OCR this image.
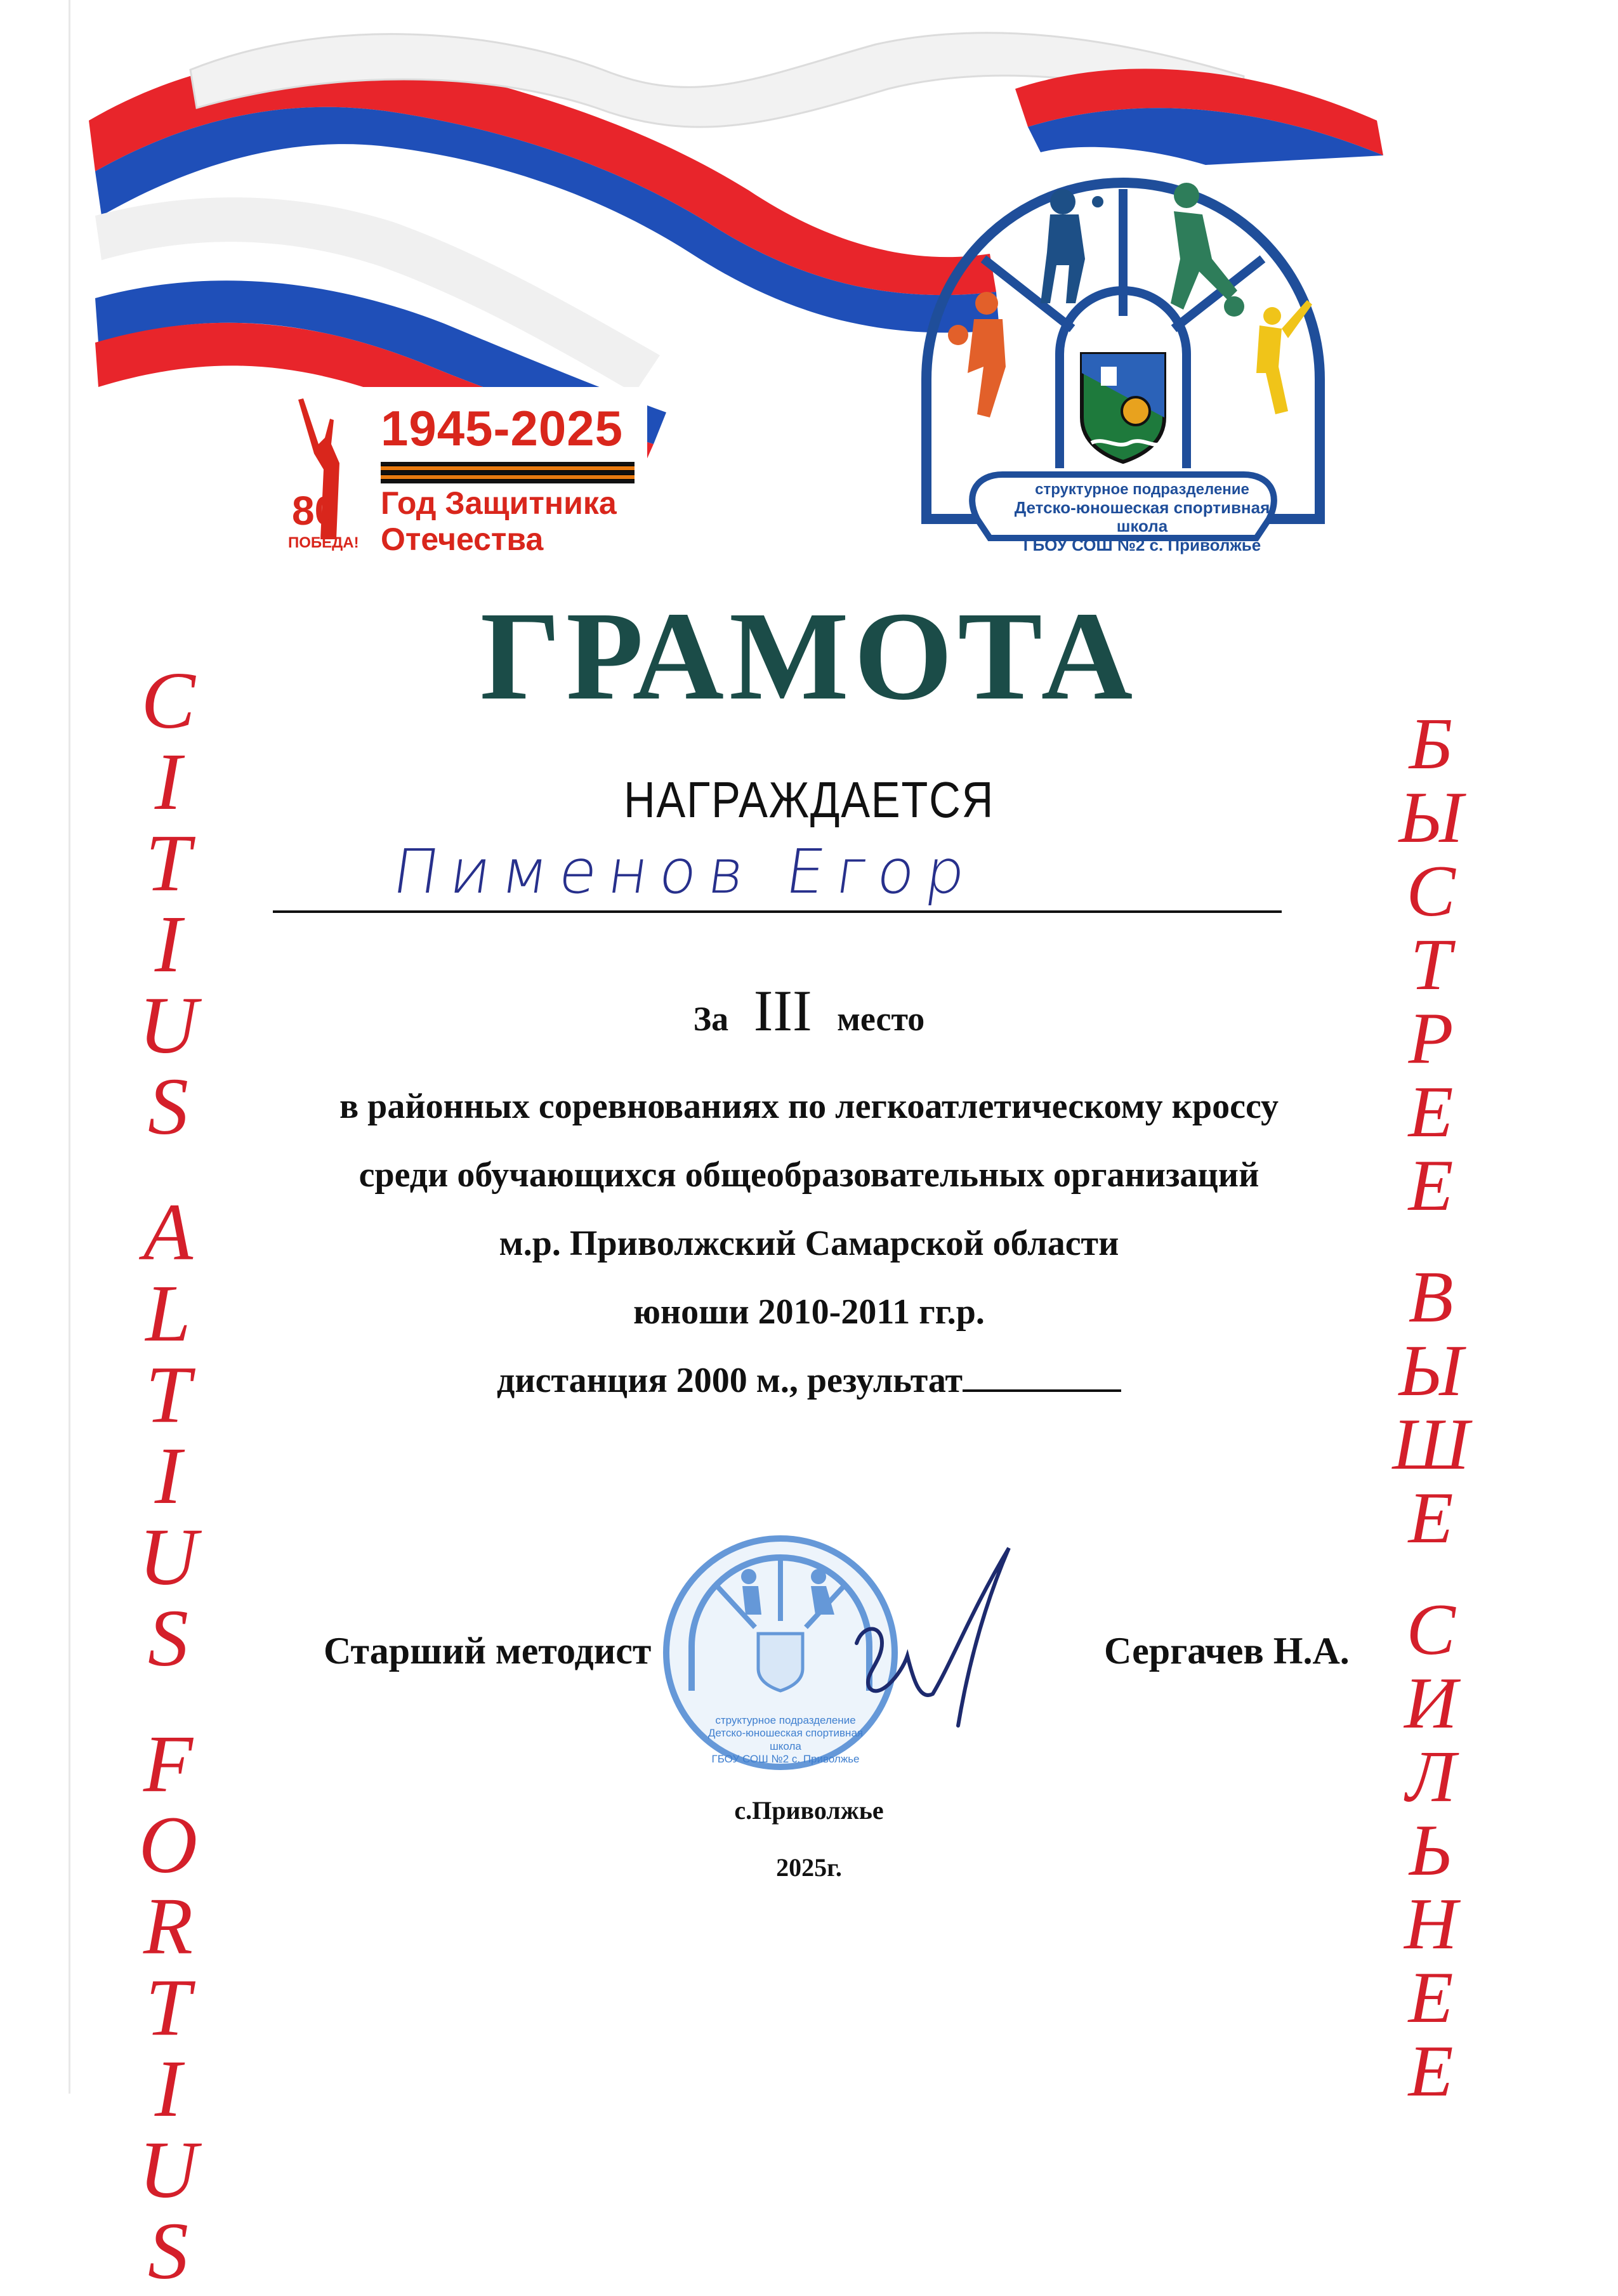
1945-2025
80
ПОБЕДА!
Год Защитника
Отечества
структурное подразделение
Детско-юношеская спортивная школа
ГБОУ СОШ №2 с. Приволжье
ГРАМОТА
НАГРАЖДАЕТСЯ
Пименов Егор
За III место
в районных соревнованиях по легкоатлетическому кроссу
среди обучающихся общеобразовательных организаций
м.р. Приволжский Самарской области
юноши 2010-2011 гг.р.
дистанция 2000 м., результат
C
I
T
I
U
S
A
L
T
I
U
S
F
O
R
T
I
U
S
Б
Ы
С
Т
Р
Е
Е
В
Ы
Ш
Е
С
И
Л
Ь
Н
Е
Е
структурное подразделение
Детско-юношеская спортивная школа
ГБОУ СОШ №2 с. Приволжье
Старший методист	Сергачев Н.А.
с.Приволжье
2025г.
